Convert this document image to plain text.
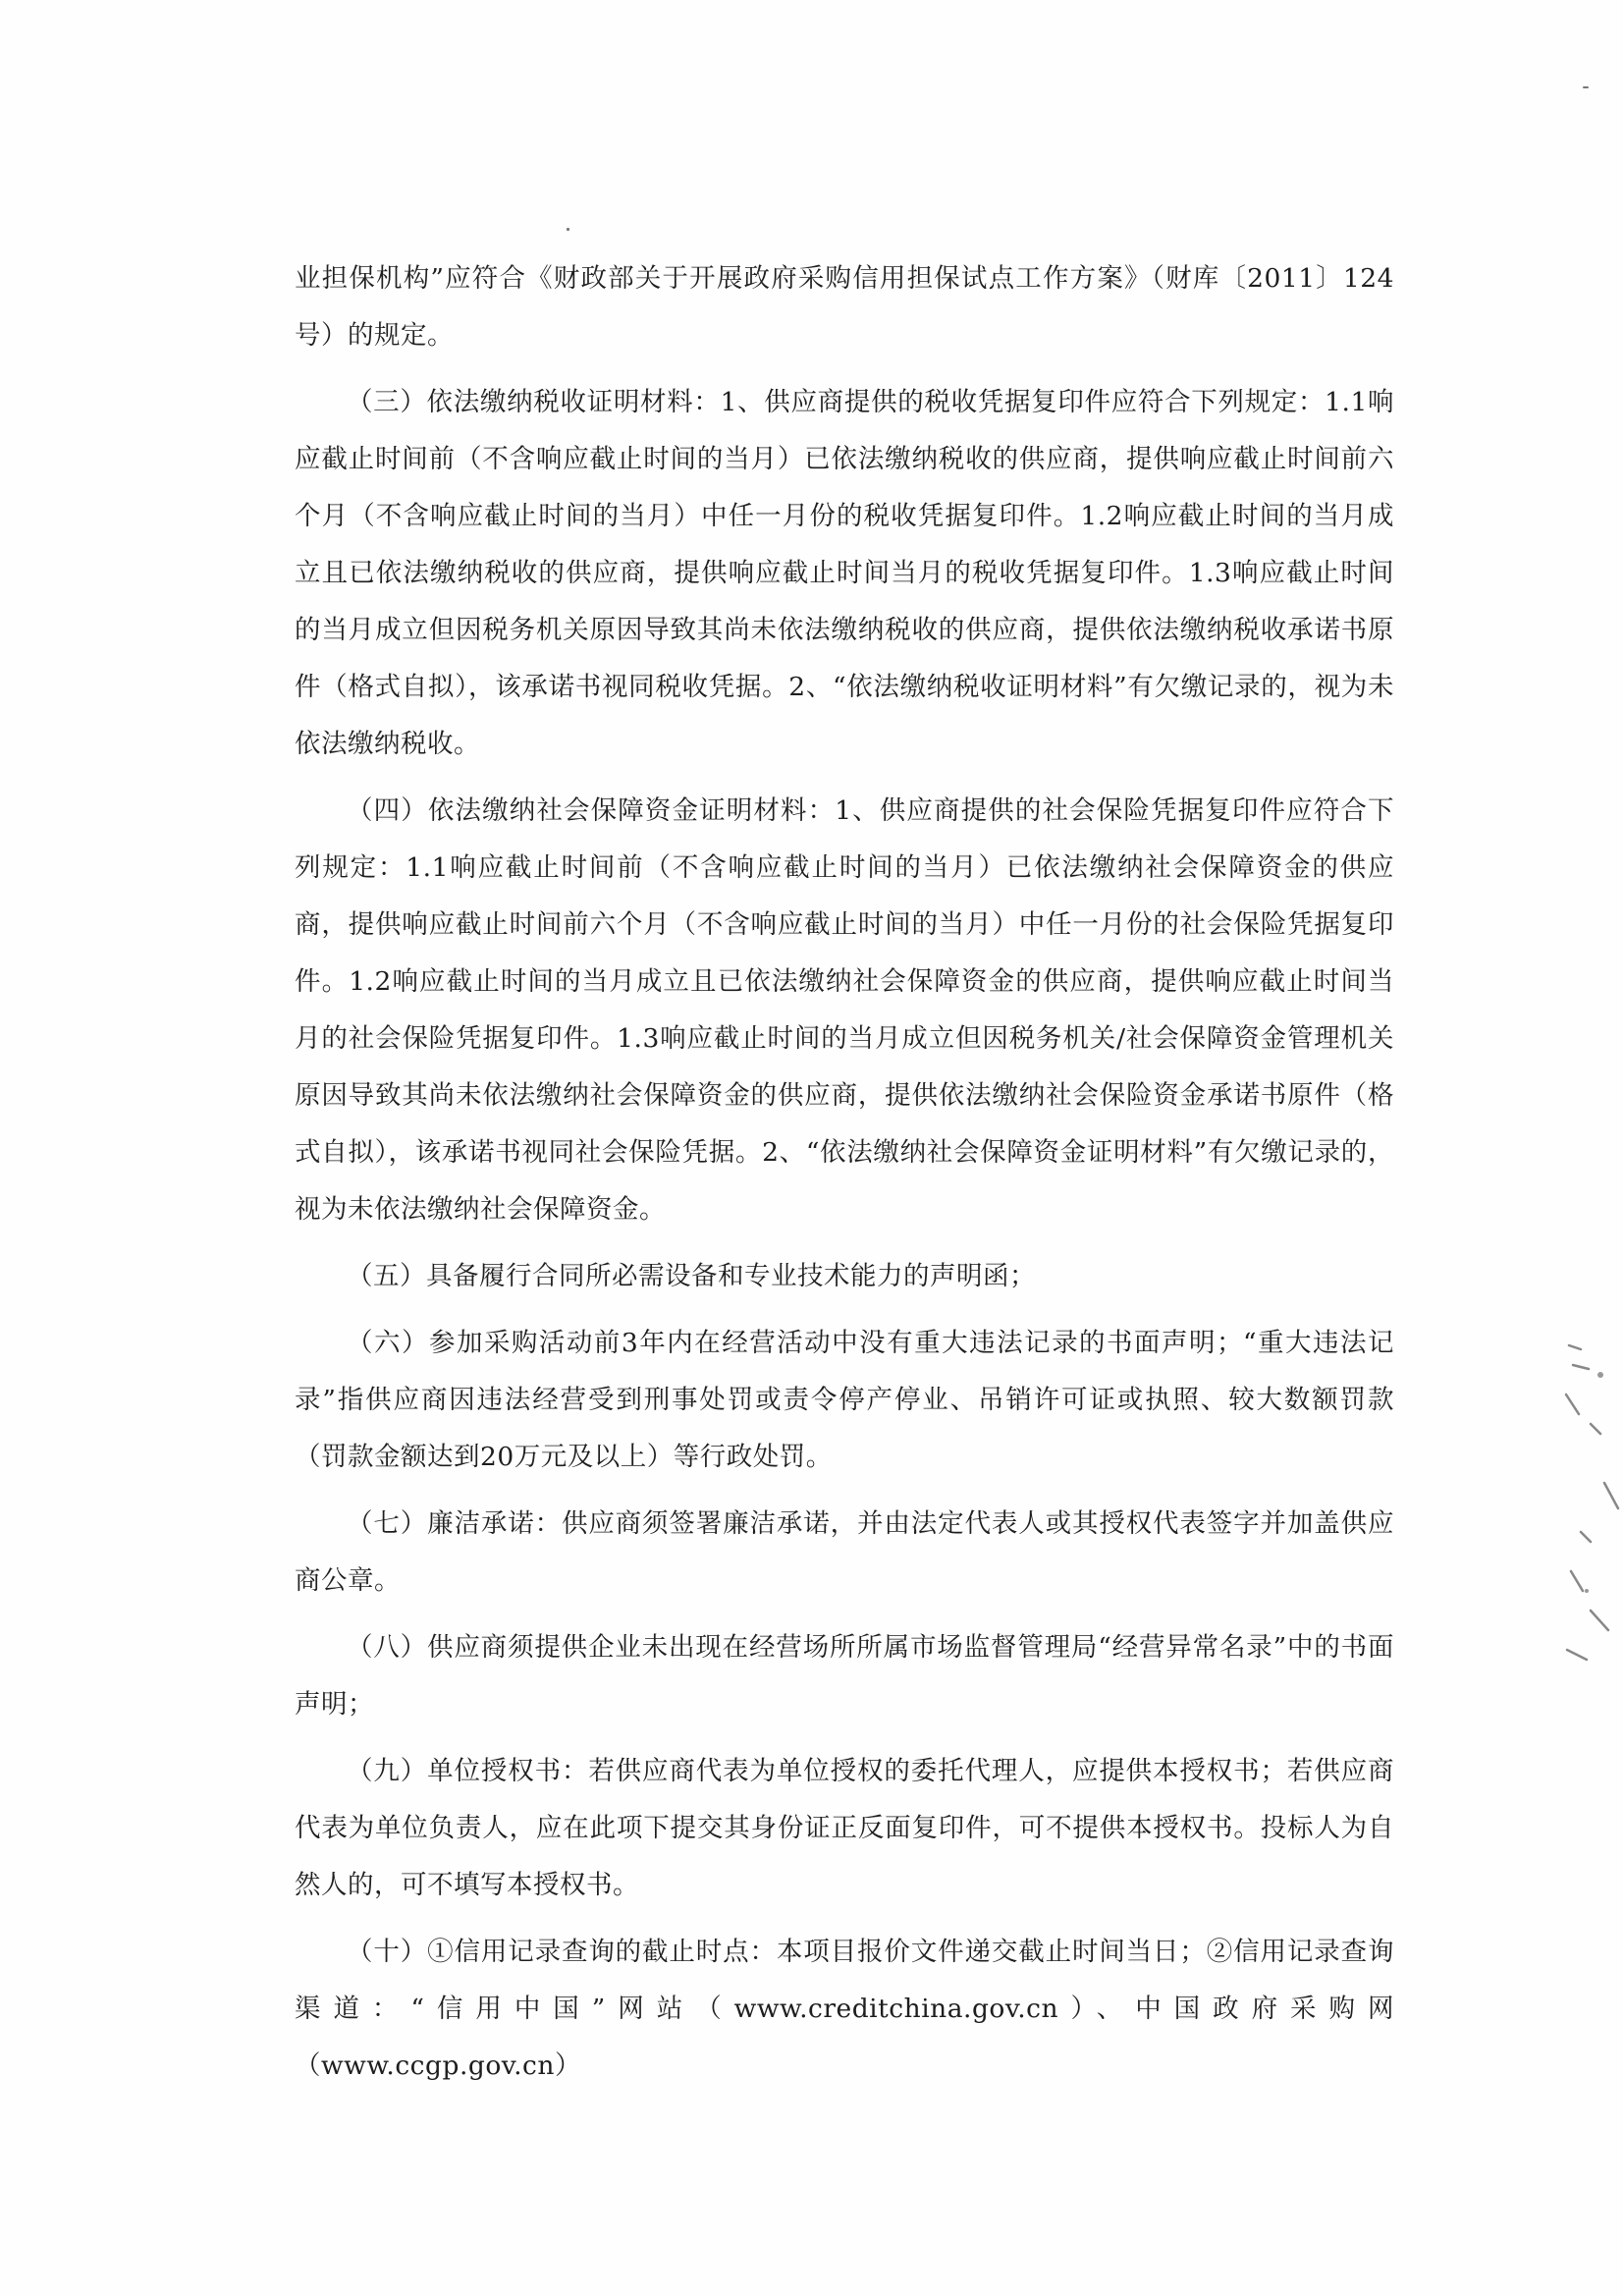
业担保机构”应符合《财政部关于开展政府采购信用担保试点工作方案》（财库〔2011〕124号）的规定。

（三）依法缴纳税收证明材料：1、供应商提供的税收凭据复印件应符合下列规定：1.1响应截止时间前（不含响应截止时间的当月）已依法缴纳税收的供应商，提供响应截止时间前六个月（不含响应截止时间的当月）中任一月份的税收凭据复印件。1.2响应截止时间的当月成立且已依法缴纳税收的供应商，提供响应截止时间当月的税收凭据复印件。1.3响应截止时间的当月成立但因税务机关原因导致其尚未依法缴纳税收的供应商，提供依法缴纳税收承诺书原件（格式自拟），该承诺书视同税收凭据。2、“依法缴纳税收证明材料”有欠缴记录的，视为未依法缴纳税收。

（四）依法缴纳社会保障资金证明材料：1、供应商提供的社会保险凭据复印件应符合下列规定：1.1响应截止时间前（不含响应截止时间的当月）已依法缴纳社会保障资金的供应商，提供响应截止时间前六个月（不含响应截止时间的当月）中任一月份的社会保险凭据复印件。1.2响应截止时间的当月成立且已依法缴纳社会保障资金的供应商，提供响应截止时间当月的社会保险凭据复印件。1.3响应截止时间的当月成立但因税务机关/社会保障资金管理机关原因导致其尚未依法缴纳社会保障资金的供应商，提供依法缴纳社会保险资金承诺书原件（格式自拟），该承诺书视同社会保险凭据。2、“依法缴纳社会保障资金证明材料”有欠缴记录的，视为未依法缴纳社会保障资金。

（五）具备履行合同所必需设备和专业技术能力的声明函；

（六）参加采购活动前3年内在经营活动中没有重大违法记录的书面声明；“重大违法记录”指供应商因违法经营受到刑事处罚或责令停产停业、吊销许可证或执照、较大数额罚款（罚款金额达到20万元及以上）等行政处罚。

（七）廉洁承诺：供应商须签署廉洁承诺，并由法定代表人或其授权代表签字并加盖供应商公章。

（八）供应商须提供企业未出现在经营场所所属市场监督管理局“经营异常名录”中的书面声明；

（九）单位授权书：若供应商代表为单位授权的委托代理人，应提供本授权书；若供应商代表为单位负责人，应在此项下提交其身份证正反面复印件，可不提供本授权书。投标人为自然人的，可不填写本授权书。

（十）①信用记录查询的截止时点：本项目报价文件递交截止时间当日；②信用记录查询渠道：“信用中国”网站（www.creditchina.gov.cn）、中国政府采购网（www.ccgp.gov.cn）
